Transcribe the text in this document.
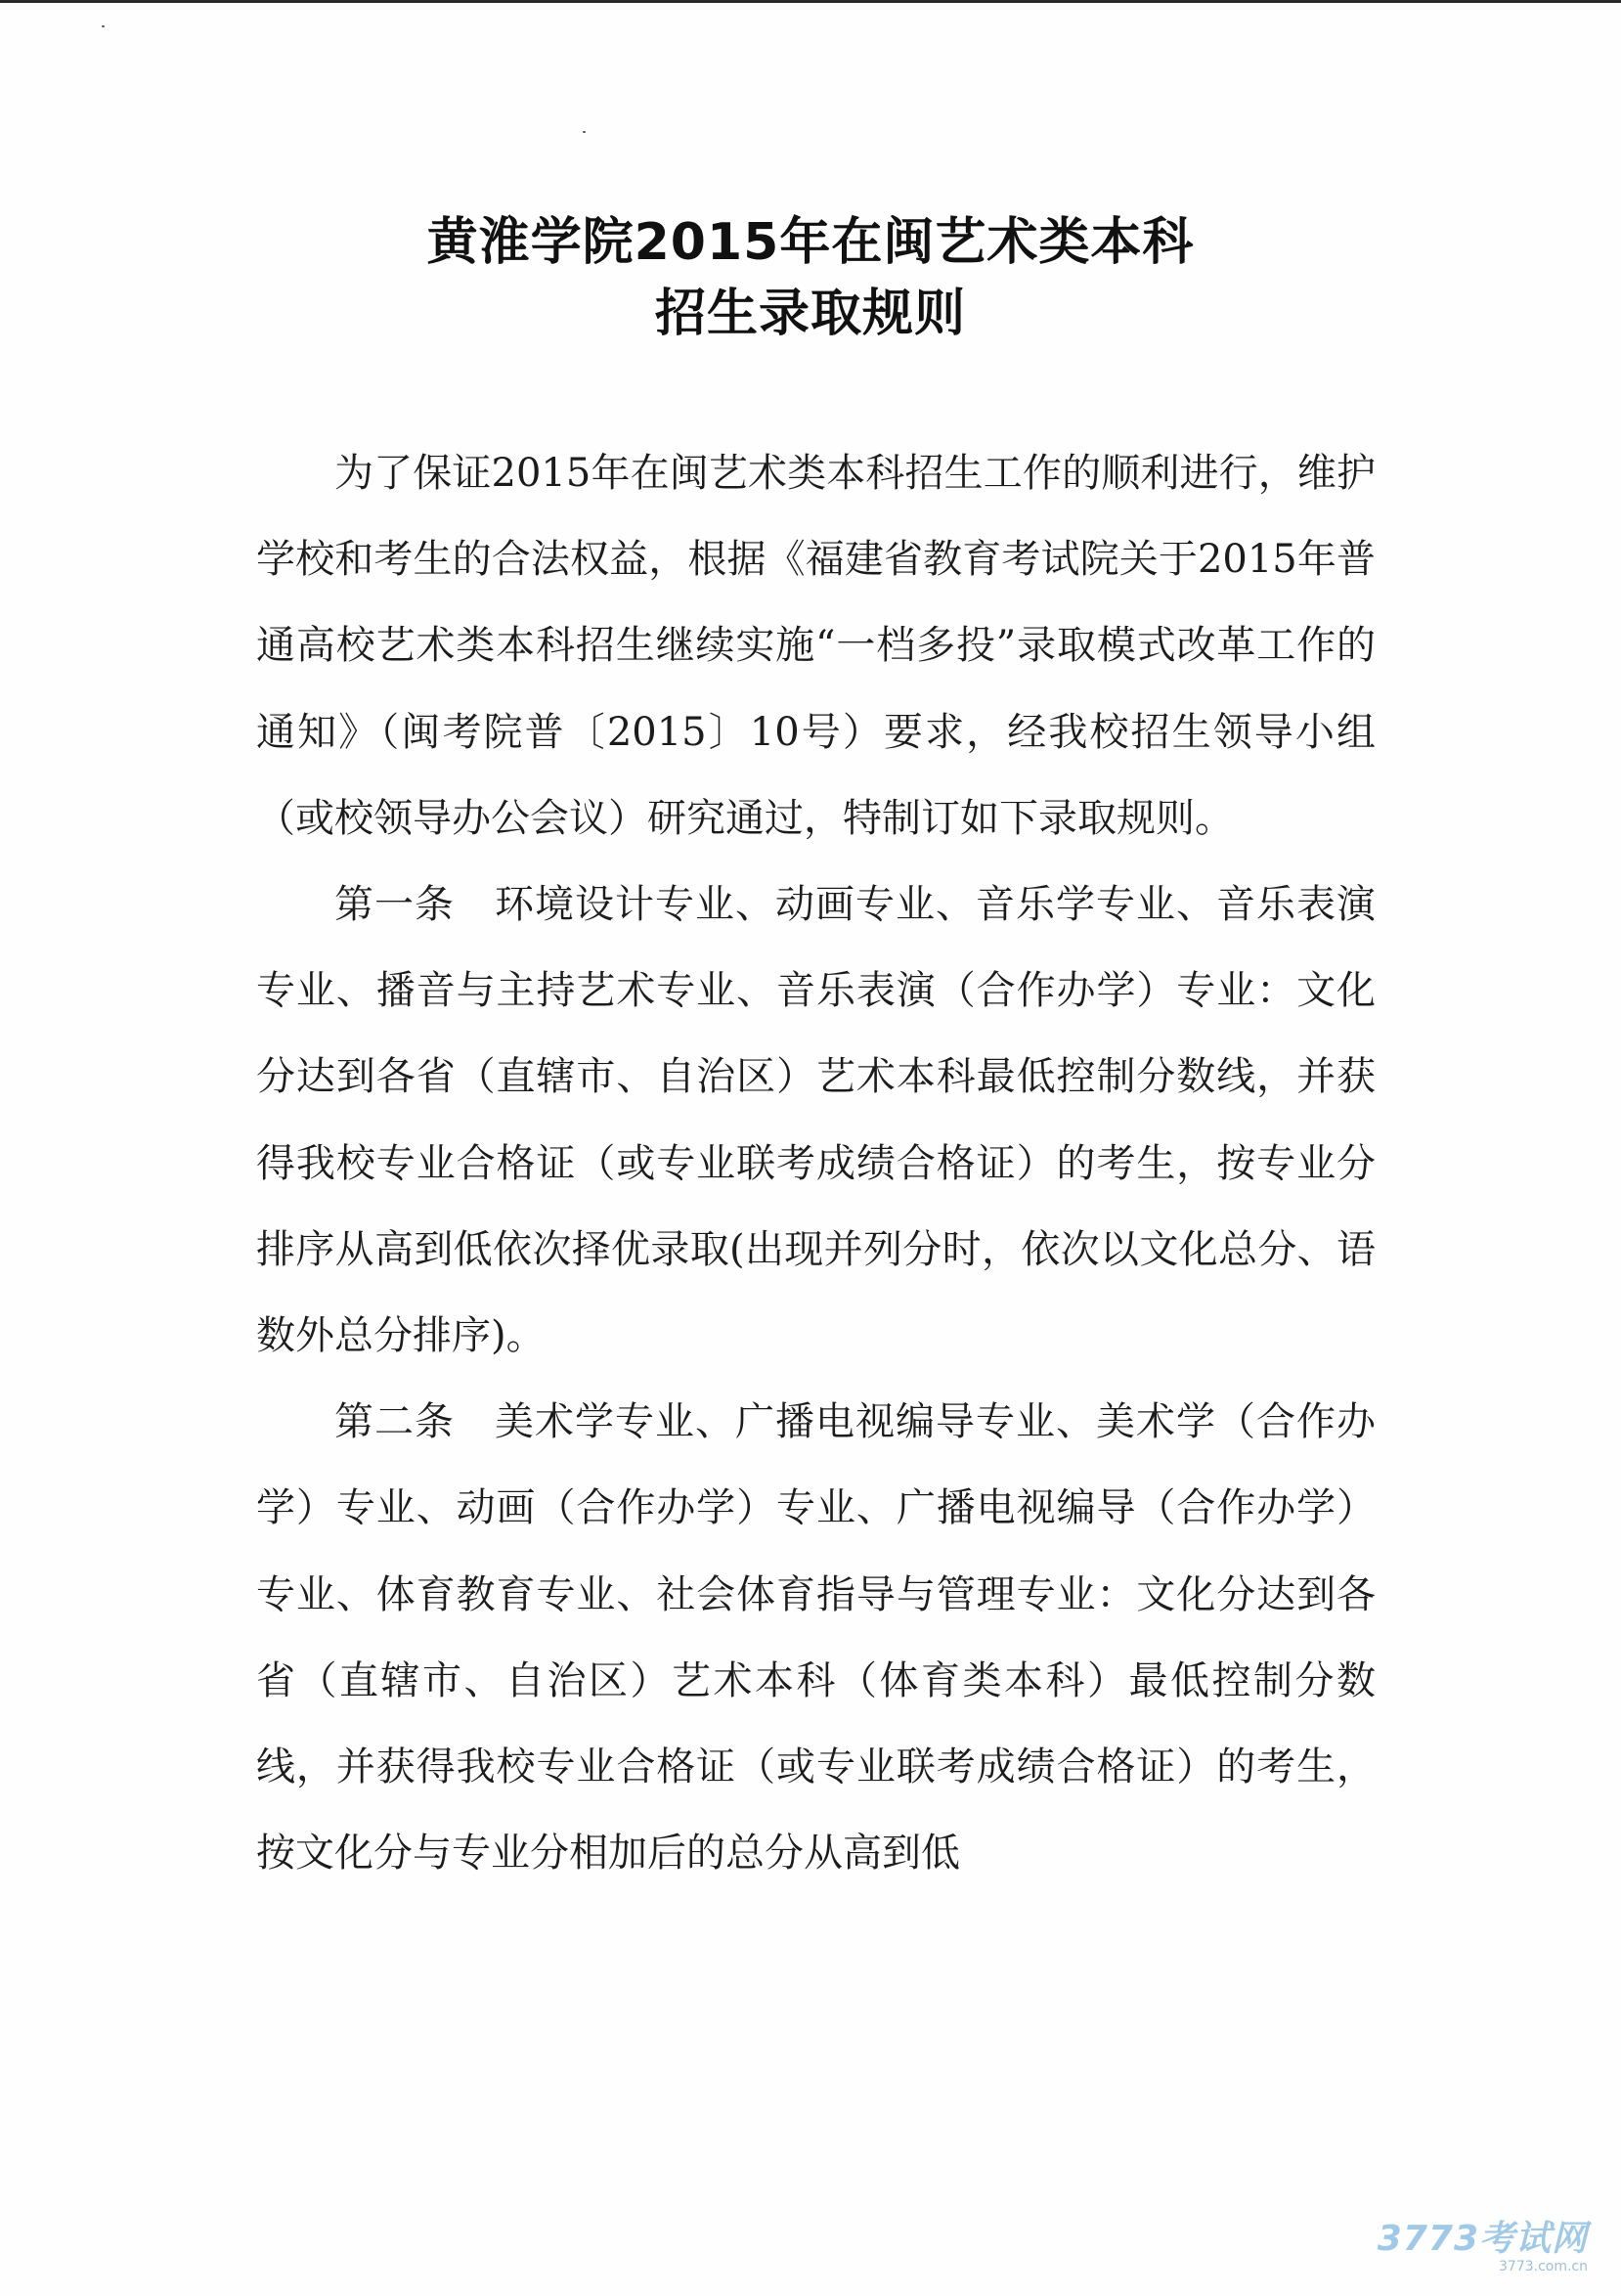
黄淮学院2015年在闽艺术类本科
招生录取规则

为了保证2015年在闽艺术类本科招生工作的顺利进行，维护学校和考生的合法权益，根据《福建省教育考试院关于2015年普通高校艺术类本科招生继续实施“一档多投”录取模式改革工作的通知》（闽考院普〔2015〕10号）要求，经我校招生领导小组（或校领导办公会议）研究通过，特制订如下录取规则。

第一条　环境设计专业、动画专业、音乐学专业、音乐表演专业、播音与主持艺术专业、音乐表演（合作办学）专业：文化分达到各省（直辖市、自治区）艺术本科最低控制分数线，并获得我校专业合格证（或专业联考成绩合格证）的考生，按专业分排序从高到低依次择优录取(出现并列分时，依次以文化总分、语数外总分排序)。

第二条　美术学专业、广播电视编导专业、美术学（合作办学）专业、动画（合作办学）专业、广播电视编导（合作办学）专业、体育教育专业、社会体育指导与管理专业：文化分达到各省（直辖市、自治区）艺术本科（体育类本科）最低控制分数线，并获得我校专业合格证（或专业联考成绩合格证）的考生，按文化分与专业分相加后的总分从高到低

3773考试网
3773.com.cn
